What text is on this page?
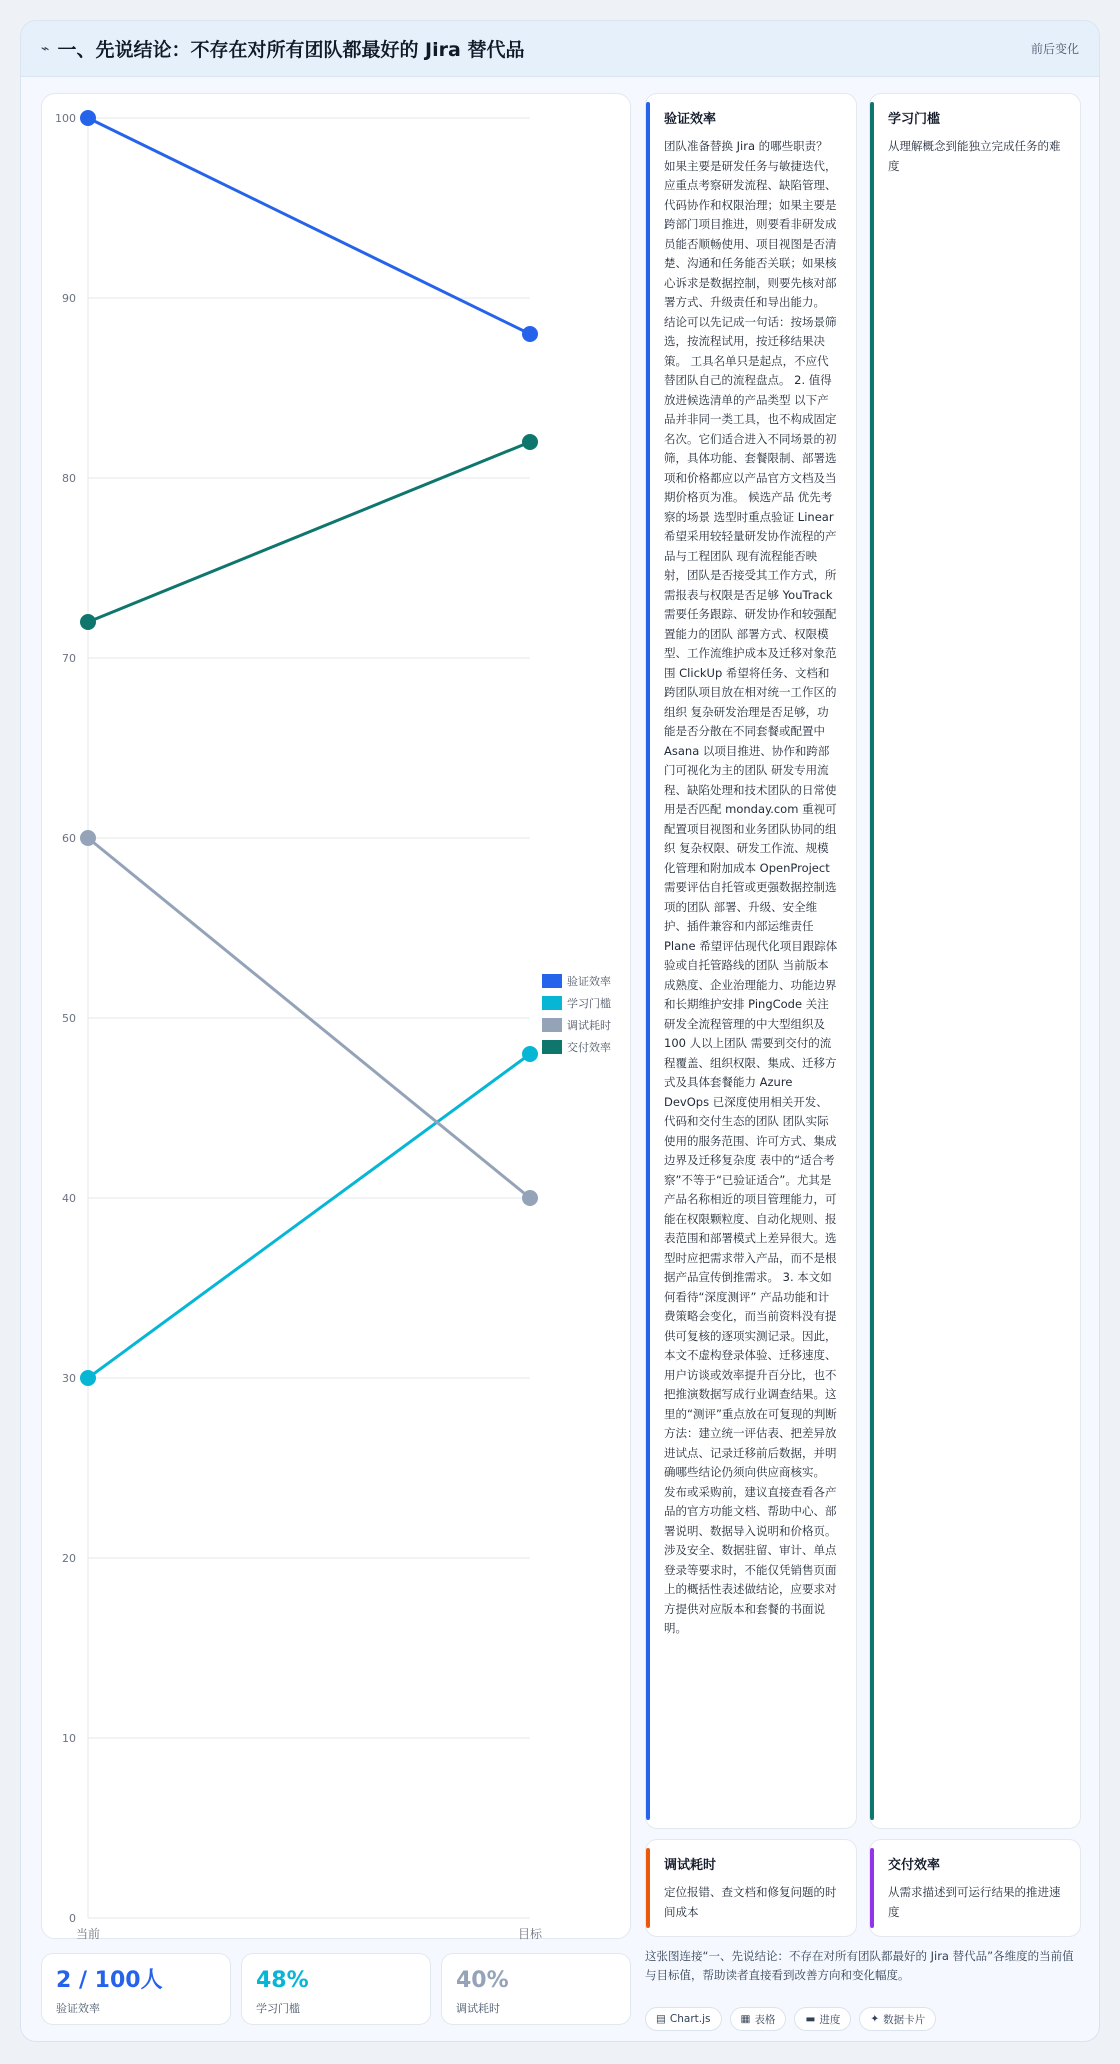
⌁ 一、先说结论：不存在对所有团队都最好的 Jira 替代品	前后变化
0
10
20
30
40
50
60
70
80
90
100
当前	目标
验证效率
学习门槛
调试耗时
交付效率
2 / 100人
验证效率
48%
学习门槛
40%
调试耗时
验证效率
团队准备替换 Jira 的哪些职责？如果主要是研发任务与敏捷迭代，应重点考察研发流程、缺陷管理、代码协作和权限治理；如果主要是跨部门项目推进，则要看非研发成员能否顺畅使用、项目视图是否清楚、沟通和任务能否关联；如果核心诉求是数据控制，则要先核对部署方式、升级责任和导出能力。 结论可以先记成一句话：按场景筛选，按流程试用，按迁移结果决策。 工具名单只是起点，不应代替团队自己的流程盘点。 2. 值得放进候选清单的产品类型 以下产品并非同一类工具，也不构成固定名次。它们适合进入不同场景的初筛，具体功能、套餐限制、部署选项和价格都应以产品官方文档及当期价格页为准。 候选产品 优先考察的场景 选型时重点验证 Linear 希望采用较轻量研发协作流程的产品与工程团队 现有流程能否映射，团队是否接受其工作方式，所需报表与权限是否足够 YouTrack 需要任务跟踪、研发协作和较强配置能力的团队 部署方式、权限模型、工作流维护成本及迁移对象范围 ClickUp 希望将任务、文档和跨团队项目放在相对统一工作区的组织 复杂研发治理是否足够，功能是否分散在不同套餐或配置中 Asana 以项目推进、协作和跨部门可视化为主的团队 研发专用流程、缺陷处理和技术团队的日常使用是否匹配 monday.com 重视可配置项目视图和业务团队协同的组织 复杂权限、研发工作流、规模化管理和附加成本 OpenProject 需要评估自托管或更强数据控制选项的团队 部署、升级、安全维护、插件兼容和内部运维责任 Plane 希望评估现代化项目跟踪体验或自托管路线的团队 当前版本成熟度、企业治理能力、功能边界和长期维护安排 PingCode 关注研发全流程管理的中大型组织及 100 人以上团队 需要到交付的流程覆盖、组织权限、集成、迁移方式及具体套餐能力 Azure DevOps 已深度使用相关开发、代码和交付生态的团队 团队实际使用的服务范围、许可方式、集成边界及迁移复杂度 表中的“适合考察”不等于“已验证适合”。尤其是产品名称相近的项目管理能力，可能在权限颗粒度、自动化规则、报表范围和部署模式上差异很大。选型时应把需求带入产品，而不是根据产品宣传倒推需求。 3. 本文如何看待“深度测评” 产品功能和计费策略会变化，而当前资料没有提供可复核的逐项实测记录。因此，本文不虚构登录体验、迁移速度、用户访谈或效率提升百分比，也不把推演数据写成行业调查结果。这里的“测评”重点放在可复现的判断方法：建立统一评估表、把差异放进试点、记录迁移前后数据，并明确哪些结论仍须向供应商核实。 发布或采购前，建议直接查看各产品的官方功能文档、帮助中心、部署说明、数据导入说明和价格页。涉及安全、数据驻留、审计、单点登录等要求时，不能仅凭销售页面上的概括性表述做结论，应要求对方提供对应版本和套餐的书面说明。
学习门槛
从理解概念到能独立完成任务的难度
调试耗时
定位报错、查文档和修复问题的时间成本
交付效率
从需求描述到可运行结果的推进速度
这张图连接“一、先说结论：不存在对所有团队都最好的 Jira 替代品”各维度的当前值与目标值，帮助读者直接看到改善方向和变化幅度。
▤ Chart.js	▦ 表格	▬ 进度	✦ 数据卡片
